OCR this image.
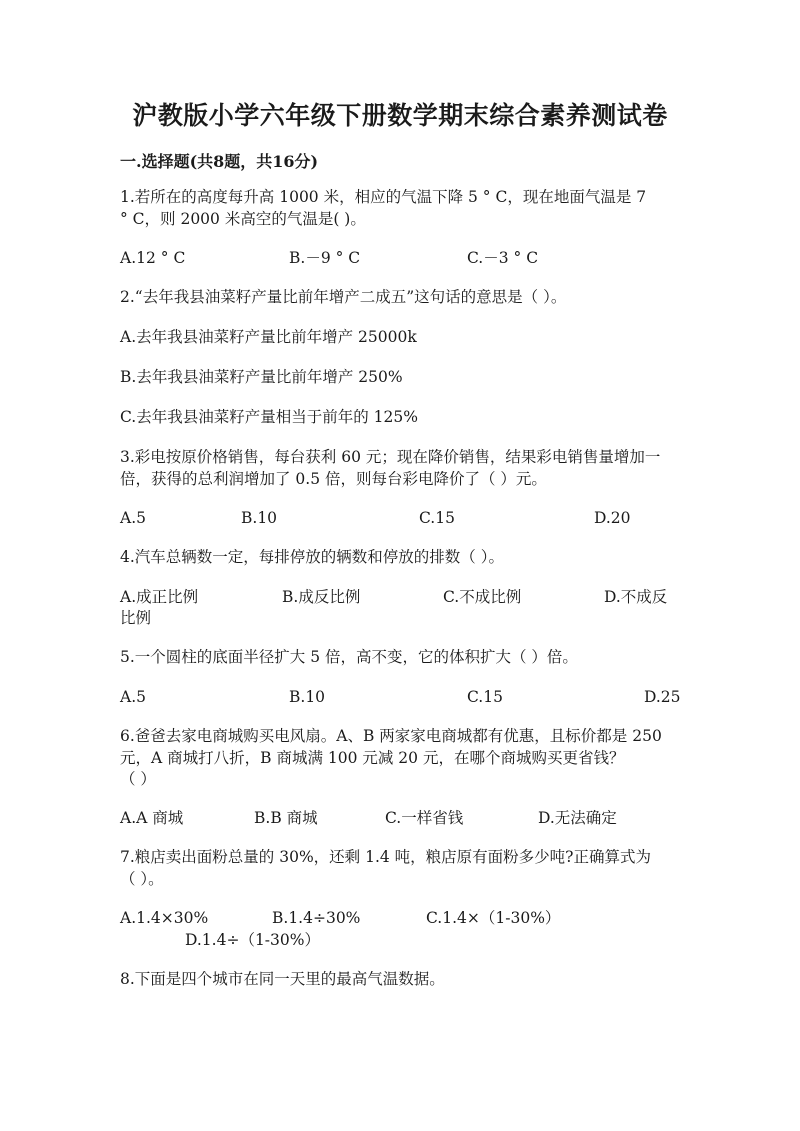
沪教版小学六年级下册数学期末综合素养测试卷
一.选择题(共8题，共16分)
1.若所在的高度每升高 1000 米，相应的气温下降 5 ° C，现在地面气温是 7
° C，则 2000 米高空的气温是( )。
A.12 ° C	B.－9 ° C	C.－3 ° C
2.“去年我县油菜籽产量比前年增产二成五”这句话的意思是（ ）。
A.去年我县油菜籽产量比前年增产 25000k
B.去年我县油菜籽产量比前年增产 250%
C.去年我县油菜籽产量相当于前年的 125%
3.彩电按原价格销售，每台获利 60 元；现在降价销售，结果彩电销售量增加一
倍，获得的总利润增加了 0.5 倍，则每台彩电降价了（ ）元。
A.5	B.10	C.15	D.20
4.汽车总辆数一定，每排停放的辆数和停放的排数（ ）。
A.成正比例	B.成反比例	C.不成比例	D.不成反
比例
5.一个圆柱的底面半径扩大 5 倍，高不变，它的体积扩大（ ）倍。
A.5	B.10	C.15	D.25
6.爸爸去家电商城购买电风扇。A、B 两家家电商城都有优惠，且标价都是 250
元，A 商城打八折，B 商城满 100 元减 20 元，在哪个商城购买更省钱？
（ ）
A.A 商城	B.B 商城	C.一样省钱	D.无法确定
7.粮店卖出面粉总量的 30%，还剩 1.4 吨，粮店原有面粉多少吨?正确算式为
（ ）。
A.1.4×30%	B.1.4÷30%	C.1.4×（1-30%）
D.1.4÷（1-30%）
8.下面是四个城市在同一天里的最高气温数据。
